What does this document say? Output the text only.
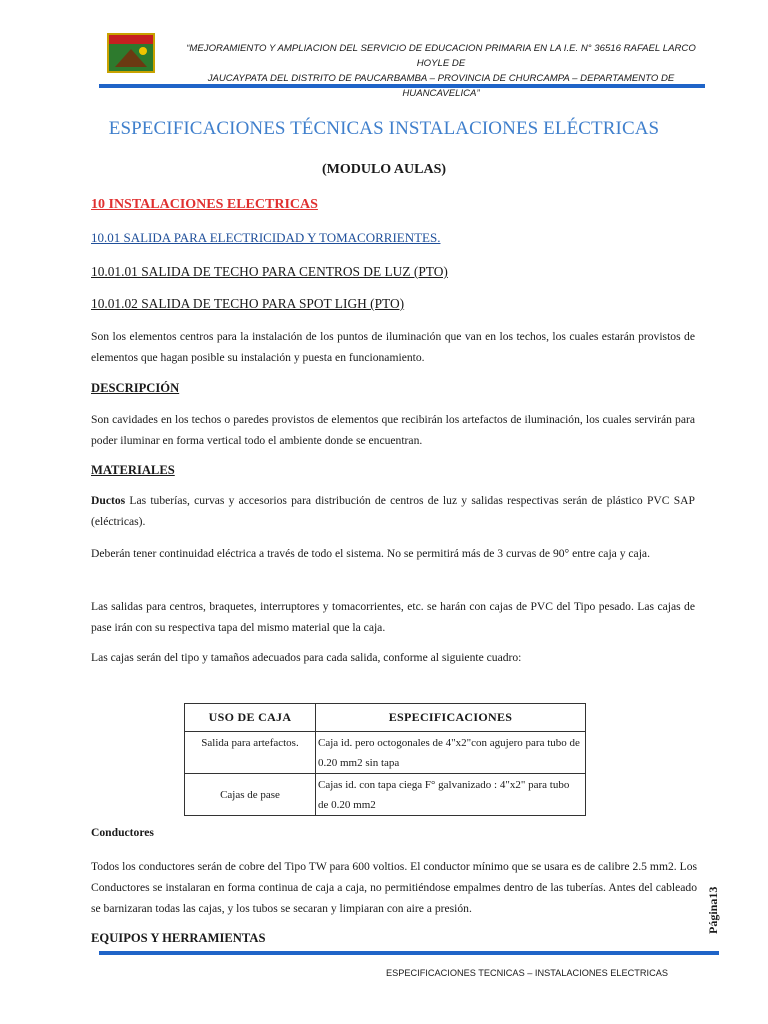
“MEJORAMIENTO Y AMPLIACION DEL SERVICIO DE EDUCACION PRIMARIA EN LA I.E. N° 36516 RAFAEL LARCO HOYLE DE
JAUCAYPATA DEL DISTRITO DE PAUCARBAMBA – PROVINCIA DE CHURCAMPA – DEPARTAMENTO DE HUANCAVELICA”
ESPECIFICACIONES TÉCNICAS INSTALACIONES ELÉCTRICAS
(MODULO AULAS)
10 INSTALACIONES ELECTRICAS
10.01 SALIDA PARA ELECTRICIDAD Y TOMACORRIENTES.
10.01.01 SALIDA DE TECHO PARA CENTROS DE LUZ (PTO)
10.01.02 SALIDA DE TECHO PARA SPOT LIGH (PTO)
Son los elementos centros para la instalación de los puntos de iluminación que van en los techos, los cuales estarán provistos de elementos que hagan posible su instalación y puesta en funcionamiento.
DESCRIPCIÓN
Son cavidades en los techos o paredes provistos de elementos que recibirán los artefactos de iluminación, los cuales servirán para poder iluminar en forma vertical todo el ambiente donde se encuentran.
MATERIALES
Ductos Las tuberías, curvas y accesorios para distribución de centros de luz y salidas respectivas serán de plástico PVC SAP (eléctricas).
Deberán tener continuidad eléctrica a través de todo el sistema. No se permitirá más de 3 curvas de 90° entre caja y caja.
Las salidas para centros, braquetes, interruptores y tomacorrientes, etc. se harán con cajas de PVC del Tipo pesado. Las cajas de pase irán con su respectiva tapa del mismo material que la caja.
Las cajas serán del tipo y tamaños adecuados para cada salida, conforme al siguiente cuadro:
USO DE CAJA	ESPECIFICACIONES
Salida para artefactos.	Caja id. pero octogonales de 4"x2"con agujero para tubo de 0.20 mm2 sin tapa
Cajas de pase	Cajas id. con tapa ciega F° galvanizado : 4"x2" para tubo de 0.20 mm2
Conductores
Todos los conductores serán de cobre del Tipo TW para 600 voltios. El conductor mínimo que se usara es de calibre 2.5 mm2. Los Conductores se instalaran en forma continua de caja a caja, no permitiéndose empalmes dentro de las tuberías. Antes del cableado se barnizaran todas las cajas, y los tubos se secaran y limpiaran con aire a presión.
EQUIPOS Y HERRAMIENTAS
Página13
ESPECIFICACIONES TECNICAS – INSTALACIONES ELECTRICAS
